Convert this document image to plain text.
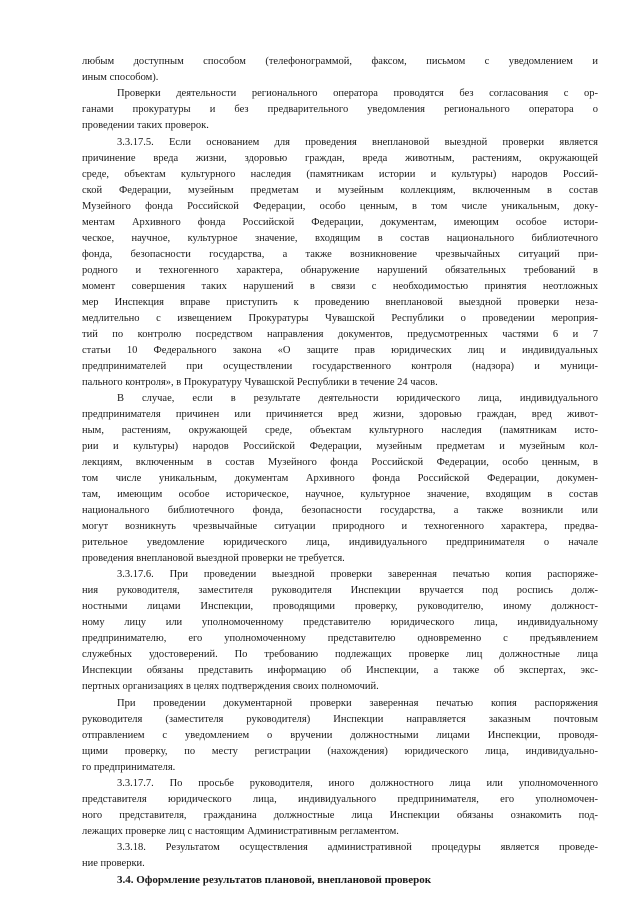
любым доступным способом (телефонограммой, факсом, письмом с уведомлением и
иным способом).
Проверки деятельности регионального оператора проводятся без согласования с ор-
ганами прокуратуры и без предварительного уведомления регионального оператора о
проведении таких проверок.
3.3.17.5. Если основанием для проведения внеплановой выездной проверки является
причинение вреда жизни, здоровью граждан, вреда животным, растениям, окружающей
среде, объектам культурного наследия (памятникам истории и культуры) народов Россий-
ской Федерации, музейным предметам и музейным коллекциям, включенным в состав
Музейного фонда Российской Федерации, особо ценным, в том числе уникальным, доку-
ментам Архивного фонда Российской Федерации, документам, имеющим особое истори-
ческое, научное, культурное значение, входящим в состав национального библиотечного
фонда, безопасности государства, а также возникновение чрезвычайных ситуаций при-
родного и техногенного характера, обнаружение нарушений обязательных требований в
момент совершения таких нарушений в связи с необходимостью принятия неотложных
мер Инспекция вправе приступить к проведению внеплановой выездной проверки неза-
медлительно с извещением Прокуратуры Чувашской Республики о проведении мероприя-
тий по контролю посредством направления документов, предусмотренных частями 6 и 7
статьи 10 Федерального закона «О защите прав юридических лиц и индивидуальных
предпринимателей при осуществлении государственного контроля (надзора) и муници-
пального контроля», в Прокуратуру Чувашской Республики в течение 24 часов.
В случае, если в результате деятельности юридического лица, индивидуального
предпринимателя причинен или причиняется вред жизни, здоровью граждан, вред живот-
ным, растениям, окружающей среде, объектам культурного наследия (памятникам исто-
рии и культуры) народов Российской Федерации, музейным предметам и музейным кол-
лекциям, включенным в состав Музейного фонда Российской Федерации, особо ценным, в
том числе уникальным, документам Архивного фонда Российской Федерации, докумен-
там, имеющим особое историческое, научное, культурное значение, входящим в состав
национального библиотечного фонда, безопасности государства, а также возникли или
могут возникнуть чрезвычайные ситуации природного и техногенного характера, предва-
рительное уведомление юридического лица, индивидуального предпринимателя о начале
проведения внеплановой выездной проверки не требуется.
3.3.17.6. При проведении выездной проверки заверенная печатью копия распоряже-
ния руководителя, заместителя руководителя Инспекции вручается под роспись долж-
ностными лицами Инспекции, проводящими проверку, руководителю, иному должност-
ному лицу или уполномоченному представителю юридического лица, индивидуальному
предпринимателю, его уполномоченному представителю одновременно с предъявлением
служебных удостоверений. По требованию подлежащих проверке лиц должностные лица
Инспекции обязаны представить информацию об Инспекции, а также об экспертах, экс-
пертных организациях в целях подтверждения своих полномочий.
При проведении документарной проверки заверенная печатью копия распоряжения
руководителя (заместителя руководителя) Инспекции направляется заказным почтовым
отправлением с уведомлением о вручении должностными лицами Инспекции, проводя-
щими проверку, по месту регистрации (нахождения) юридического лица, индивидуально-
го предпринимателя.
3.3.17.7. По просьбе руководителя, иного должностного лица или уполномоченного
представителя юридического лица, индивидуального предпринимателя, его уполномочен-
ного представителя, гражданина должностные лица Инспекции обязаны ознакомить под-
лежащих проверке лиц с настоящим Административным регламентом.
3.3.18. Результатом осуществления административной процедуры является проведе-
ние проверки.
3.4. Оформление результатов плановой, внеплановой проверок
